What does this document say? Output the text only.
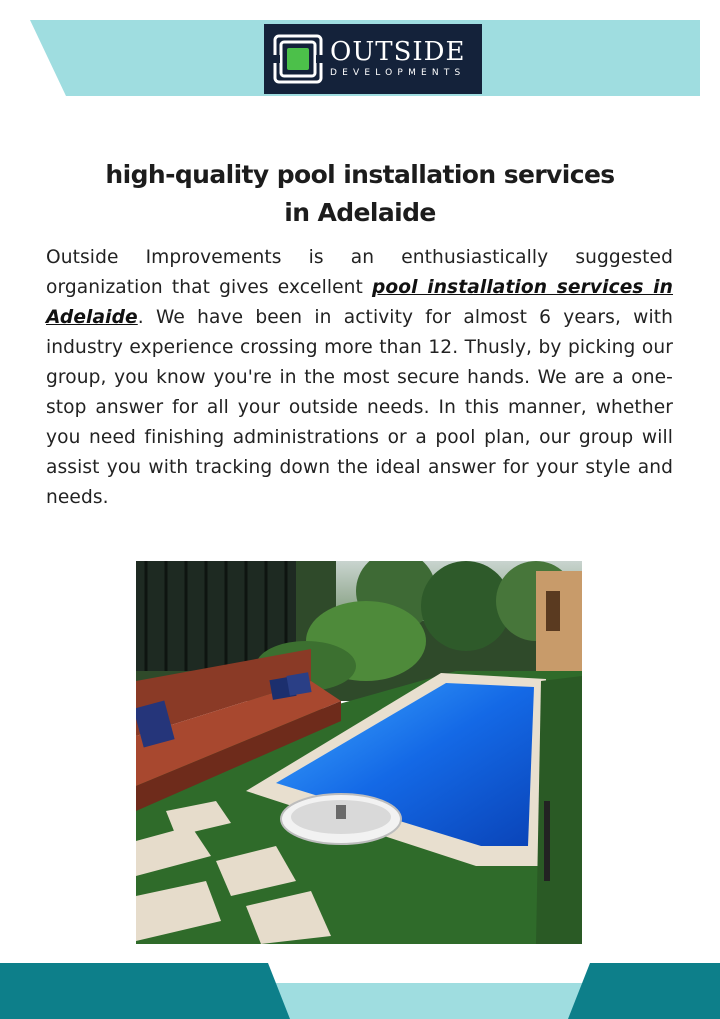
OUTSIDE
DEVELOPMENTS
high-quality pool installation services
in Adelaide

Outside Improvements is an enthusiastically suggested organization that gives excellent pool installation services in Adelaide. We have been in activity for almost 6 years, with industry experience crossing more than 12. Thusly, by picking our group, you know you're in the most secure hands. We are a one-stop answer for all your outside needs. In this manner, whether you need finishing administrations or a pool plan, our group will assist you with tracking down the ideal answer for your style and needs.
